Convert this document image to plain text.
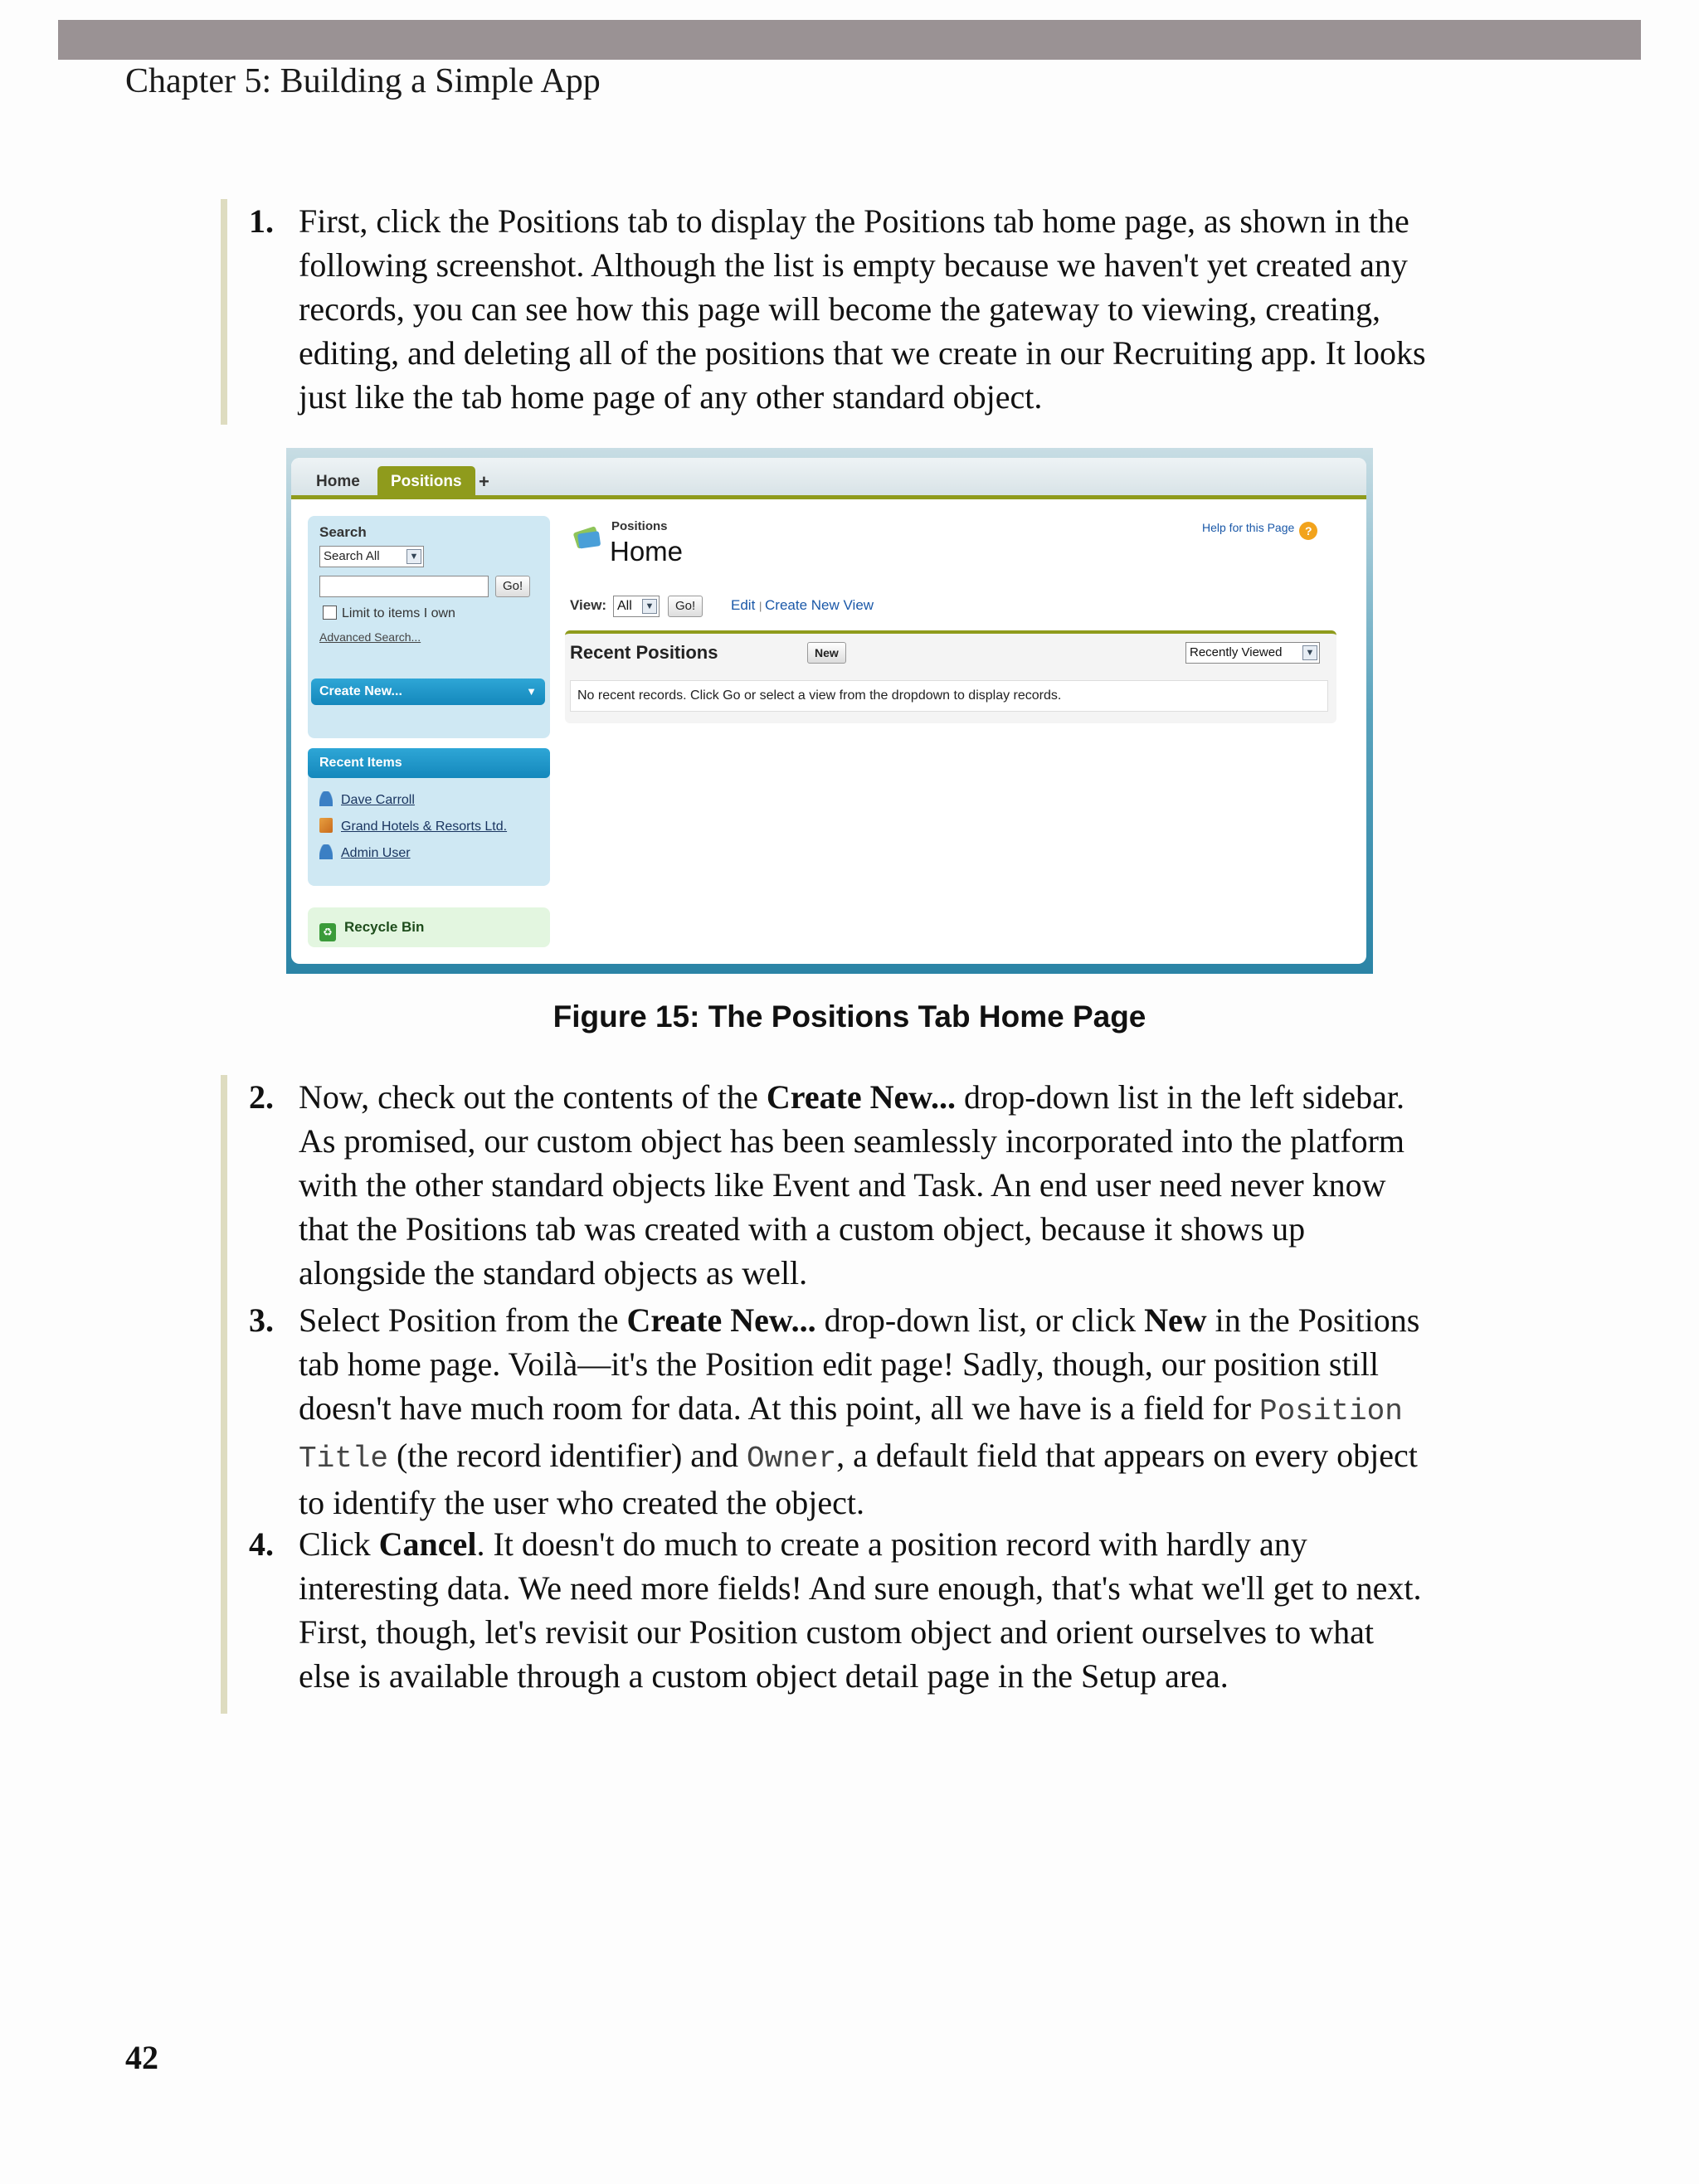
Chapter 5: Building a Simple App
1. First, click the Positions tab to display the Positions tab home page, as shown in the following screenshot. Although the list is empty because we haven't yet created any records, you can see how this page will become the gateway to viewing, creating, editing, and deleting all of the positions that we create in our Recruiting app. It looks just like the tab home page of any other standard object.
Home	Positions +
Search
Search All	▼
Go!
Limit to items I own
Advanced Search...
Create New...	▼
Recent Items
Dave Carroll
Grand Hotels & Resorts Ltd.
Admin User
♻ Recycle Bin
Positions
Home
Help for this Page ?
View: All	▼	Go!	Edit | Create New View
Recent Positions	New	Recently Viewed	▼
No recent records. Click Go or select a view from the dropdown to display records.
Figure 15: The Positions Tab Home Page
2. Now, check out the contents of the Create New... drop-down list in the left sidebar. As promised, our custom object has been seamlessly incorporated into the platform with the other standard objects like Event and Task. An end user need never know that the Positions tab was created with a custom object, because it shows up alongside the standard objects as well.
3. Select Position from the Create New... drop-down list, or click New in the Positions tab home page. Voilà—it's the Position edit page! Sadly, though, our position still doesn't have much room for data. At this point, all we have is a field for Position Title (the record identifier) and Owner, a default field that appears on every object to identify the user who created the object.
4. Click Cancel. It doesn't do much to create a position record with hardly any interesting data. We need more fields! And sure enough, that's what we'll get to next. First, though, let's revisit our Position custom object and orient ourselves to what else is available through a custom object detail page in the Setup area.
42
